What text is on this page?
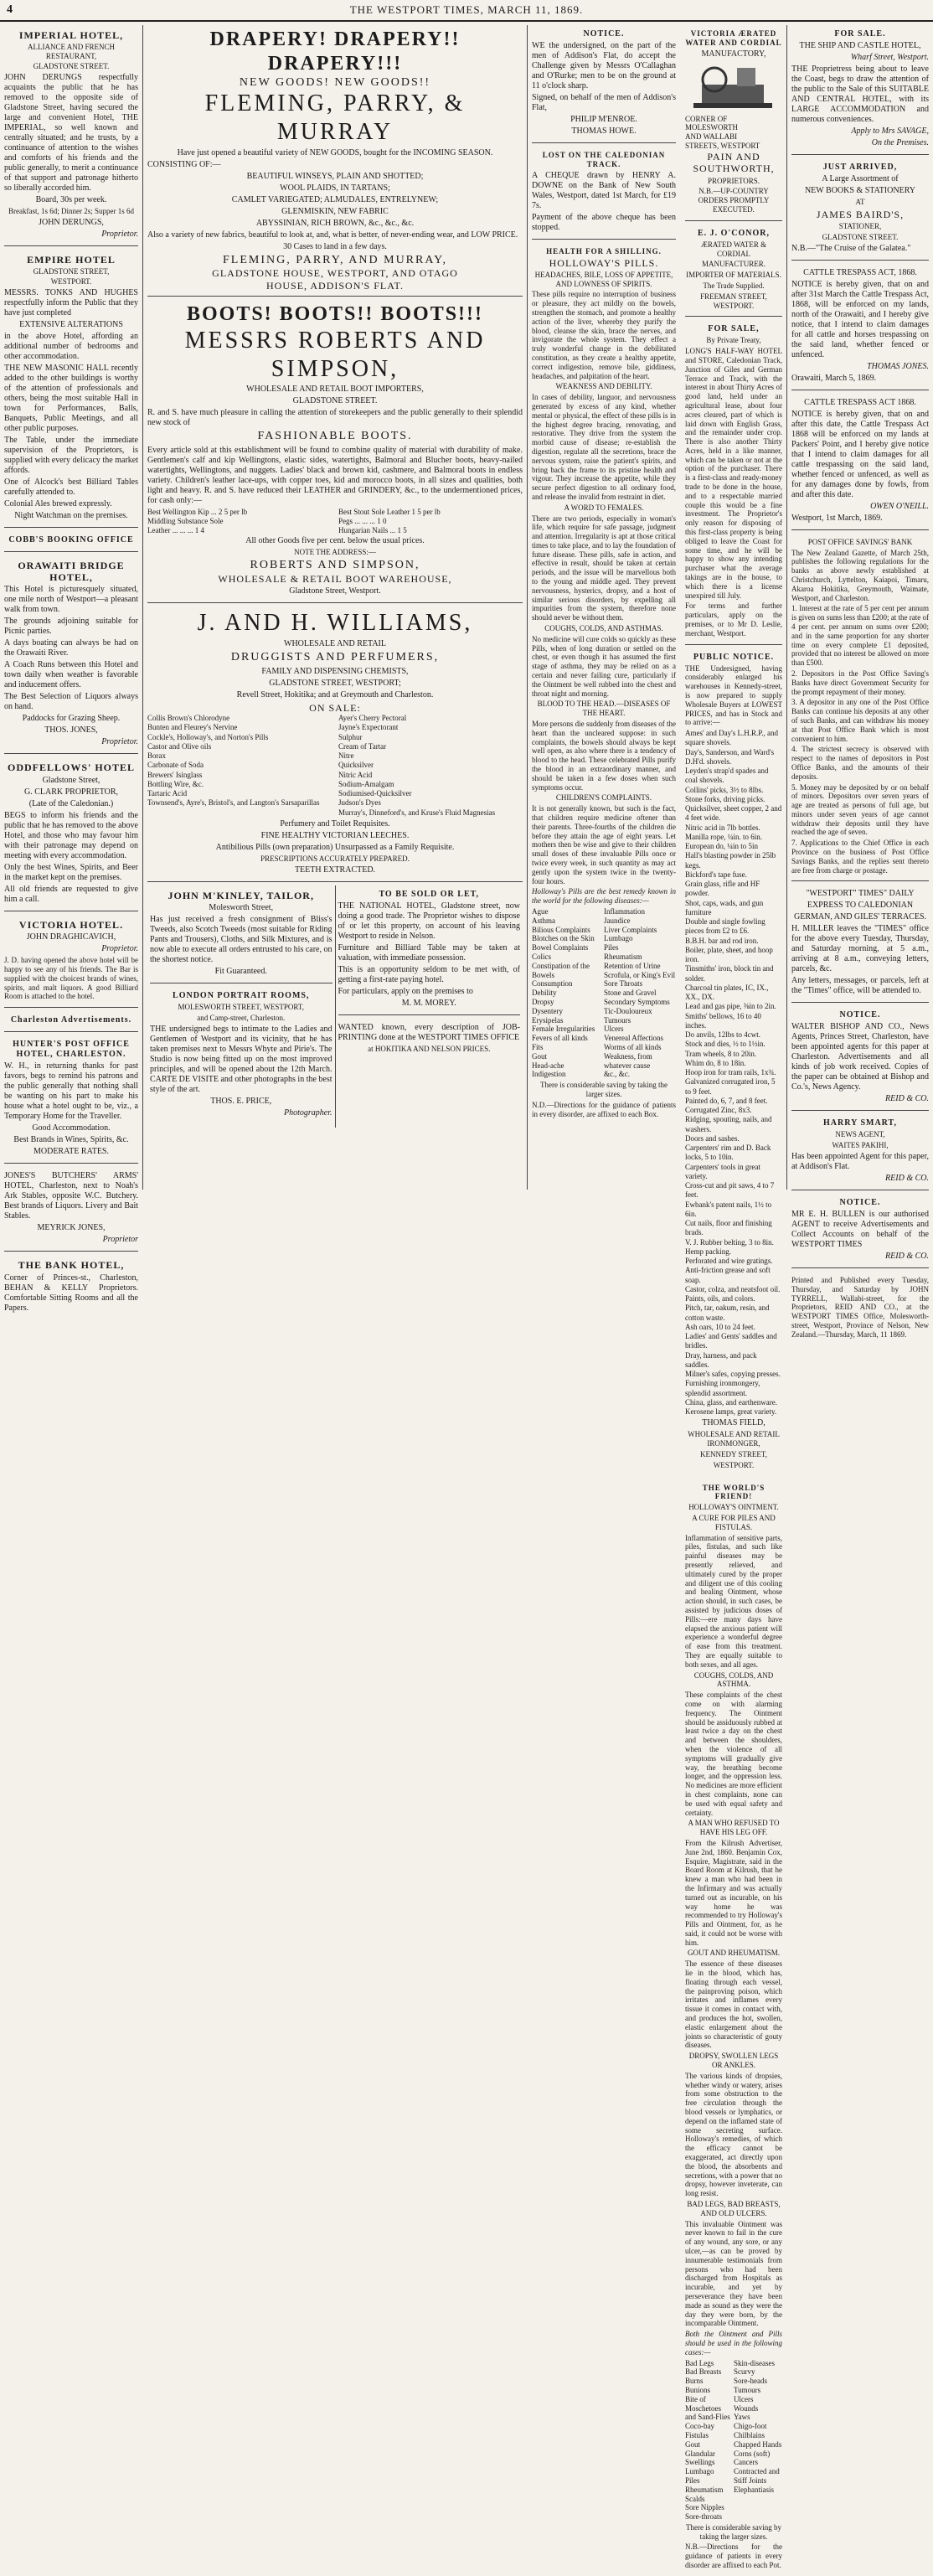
4	THE WESTPORT TIMES, MARCH 11, 1869.
IMPERIAL HOTEL,
ALLIANCE AND FRENCH RESTAURANT,
GLADSTONE STREET.
JOHN DERUNGS respectfully acquaints the public that he has removed to the opposite side of Gladstone Street, having secured the large and convenient Hotel, THE IMPERIAL, so well known and centrally situated; and he trusts, by a continuance of attention to the wishes and comforts of his friends and the public generally, to merit a continuance of that support and patronage hitherto so liberally accorded him.
Board, 30s per week.
Breakfast, 1s 6d; Dinner 2s; Supper 1s 6d
JOHN DERUNGS,
Proprietor.
EMPIRE HOTEL
GLADSTONE STREET,
WESTPORT.
MESSRS. TONKS AND HUGHES respectfully inform the Public that they have just completed
EXTENSIVE ALTERATIONS
in the above Hotel, affording an additional number of bedrooms and other accommodation.
THE NEW MASONIC HALL recently added to the other buildings is worthy of the attention of professionals and others, being the most suitable Hall in town for Performances, Balls, Banquets, Public Meetings, and all other public purposes.
The Table, under the immediate supervision of the Proprietors, is supplied with every delicacy the market affords.
One of Alcock's best Billiard Tables carefully attended to.
Colonial Ales brewed expressly.
Night Watchman on the premises.
COBB'S BOOKING OFFICE
ORAWAITI BRIDGE HOTEL,
This Hotel is picturesquely situated, one mile north of Westport—a pleasant walk from town.
The grounds adjoining suitable for Picnic parties.
A days boating can always be had on the Orawaiti River.
A Coach Runs between this Hotel and town daily when weather is favorable and inducement offers.
The Best Selection of Liquors always on hand.
Paddocks for Grazing Sheep.
THOS. JONES,
Proprietor.
ODDFELLOWS' HOTEL
Gladstone Street,
G. CLARK PROPRIETOR,
(Late of the Caledonian.)
BEGS to inform his friends and the public that he has removed to the above Hotel, and those who may favour him with their patronage may depend on meeting with every accommodation.
Only the best Wines, Spirits, and Beer in the market kept on the premises.
All old friends are requested to give him a call.
VICTORIA HOTEL.
JOHN DRAGHICAVICH,
Proprietor.
J. D. having opened the above hotel will be happy to see any of his friends. The Bar is supplied with the choicest brands of wines, spirits, and malt liquors. A good Billiard Room is attached to the hotel.
Charleston Advertisements.
HUNTER'S POST OFFICE HOTEL, CHARLESTON.
W. H., in returning thanks for past favors, begs to remind his patrons and the public generally that nothing shall be wanting on his part to make his house what a hotel ought to be, viz., a Temporary Home for the Traveller.
Good Accommodation.
Best Brands in Wines, Spirits, &c.
MODERATE RATES.
JONES'S BUTCHERS' ARMS' HOTEL, Charleston, next to Noah's Ark Stables, opposite W.C. Butchery. Best brands of Liquors. Livery and Bait Stables.
MEYRICK JONES,
Proprietor
THE BANK HOTEL,
Corner of Princes-st., Charleston, BEHAN & KELLY Proprietors. Comfortable Sitting Rooms and all the Papers.
DRAPERY! DRAPERY!! DRAPERY!!!
NEW GOODS! NEW GOODS!!
FLEMING, PARRY, & MURRAY
Have just opened a beautiful variety of NEW GOODS, bought for the INCOMING SEASON.
CONSISTING OF:—
BEAUTIFUL WINSEYS, PLAIN AND SHOTTED;
WOOL PLAIDS, IN TARTANS;
CAMLET VARIEGATED; ALMUDALES, ENTRELYNEW;
GLENMISKIN, NEW FABRIC
ABYSSINIAN, RICH BROWN, &c., &c., &c.
Also a variety of new fabrics, beautiful to look at, and, what is better, of never-ending wear, and LOW PRICE.
30 Cases to land in a few days.
FLEMING, PARRY, AND MURRAY,
GLADSTONE HOUSE, WESTPORT, AND OTAGO
HOUSE, ADDISON'S FLAT.
BOOTS! BOOTS!! BOOTS!!!
MESSRS ROBERTS AND SIMPSON,
WHOLESALE AND RETAIL BOOT IMPORTERS,
GLADSTONE STREET.
R. and S. have much pleasure in calling the attention of storekeepers and the public generally to their splendid new stock of
FASHIONABLE BOOTS.
Every article sold at this establishment will be found to combine quality of material with durability of make. Gentlemen's calf and kip Wellingtons, elastic sides, watertights, Balmoral and Blucher boots, heavy-nailed watertights, Wellingtons, and nuggets. Ladies' black and brown kid, cashmere, and Balmoral boots in endless variety. Children's leather lace-ups, with copper toes, kid and morocco boots, in all sizes and qualities, both light and heavy. R. and S. have reduced their LEATHER and GRINDERY, &c., to the undermentioned prices, for cash only:—
Best Wellington Kip ... 2 5 per lb
Middling Substance Sole
Leather ... ... ... 1 4
Best Stout Sole Leather 1 5 per lb
Pegs ... ... ... 1 0
Hungarian Nails ... 1 5
All other Goods five per cent. below the usual prices.
NOTE THE ADDRESS:—
ROBERTS AND SIMPSON,
WHOLESALE & RETAIL BOOT WAREHOUSE,
Gladstone Street, Westport.
J. AND H. WILLIAMS,
WHOLESALE AND RETAIL
DRUGGISTS AND PERFUMERS,
FAMILY AND DISPENSING CHEMISTS,
GLADSTONE STREET, WESTPORT;
Revell Street, Hokitika; and at Greymouth and Charleston.
ON SALE:
Collis Brown's Chlorodyne
Bunten and Fleurey's Nervine
Cockle's, Holloway's, and Norton's Pills
Castor and Olive oils
Borax
Carbonate of Soda
Brewers' Isinglass
Bottling Wire, &c.
Tartaric Acid
Townsend's, Ayre's, Bristol's, and Langton's Sarsaparillas
Ayer's Cherry Pectoral
Jayne's Expectorant
Sulphur
Cream of Tartar
Nitre
Quicksilver
Nitric Acid
Sodium-Amalgam
Sodiumised-Quicksilver
Judson's Dyes
Murray's, Dinneford's, and Kruse's Fluid Magnesias
Perfumery and Toilet Requisites.
FINE HEALTHY VICTORIAN LEECHES.
Antibilious Pills (own preparation) Unsurpassed as a Family Requisite.
PRESCRIPTIONS ACCURATELY PREPARED.
TEETH EXTRACTED.
JOHN M'KINLEY, TAILOR,
Molesworth Street,
Has just received a fresh consignment of Bliss's Tweeds, also Scotch Tweeds (most suitable for Riding Pants and Trousers), Cloths, and Silk Mixtures, and is now able to execute all orders entrusted to his care, on the shortest notice.
Fit Guaranteed.
LONDON PORTRAIT ROOMS,
MOLESWORTH STREET, WESTPORT,
and Camp-street, Charleston.
THE undersigned begs to intimate to the Ladies and Gentlemen of Westport and its vicinity, that he has taken premises next to Messrs Whyte and Pirie's. The Studio is now being fitted up on the most improved principles, and will be opened about the 12th March. CARTE DE VISITE and other photographs in the best style of the art.
THOS. E. PRICE,
Photographer.
TO BE SOLD OR LET,
THE NATIONAL HOTEL, Gladstone street, now doing a good trade. The Proprietor wishes to dispose of or let this property, on account of his leaving Westport to reside in Nelson.
Furniture and Billiard Table may be taken at valuation, with immediate possession.
This is an opportunity seldom to be met with, of getting a first-rate paying hotel.
For particulars, apply on the premises to
M. M. MOREY.
WANTED known, every description of JOB-PRINTING done at the WESTPORT TIMES OFFICE
at HOKITIKA AND NELSON PRICES.
NOTICE.
WE the undersigned, on the part of the men of Addison's Flat, do accept the Challenge given by Messrs O'Callaghan and O'Rurke; men to be on the ground at 11 o'clock sharp.
Signed, on behalf of the men of Addison's Flat,
PHILIP M'ENROE.
THOMAS HOWE.
LOST ON THE CALEDONIAN TRACK.
A CHEQUE drawn by HENRY A. DOWNE on the Bank of New South Wales, Westport, dated 1st March, for £19 7s.
Payment of the above cheque has been stopped.
HEALTH FOR A SHILLING.
HOLLOWAY'S PILLS.
HEADACHES, BILE, LOSS OF APPETITE, AND LOWNESS OF SPIRITS.
These pills require no interruption of business or pleasure, they act mildly on the bowels, strengthen the stomach, and promote a healthy action of the liver, whereby they purify the blood, cleanse the skin, brace the nerves, and invigorate the whole system. They effect a truly wonderful change in the debilitated constitution, as they create a healthy appetite, correct indigestion, remove bile, giddiness, headaches, and palpitation of the heart.
WEAKNESS AND DEBILITY.
In cases of debility, languor, and nervousness generated by excess of any kind, whether mental or physical, the effect of these pills is in the highest degree bracing, renovating, and restorative. They drive from the system the morbid cause of disease; re-establish the digestion, regulate all the secretions, brace the nervous system, raise the patient's spirits, and bring back the frame to its pristine health and vigour. They increase the appetite, while they secure perfect digestion to all ordinary food, and release the invalid from restraint in diet.
A WORD TO FEMALES.
There are two periods, especially in woman's life, which require for safe passage, judgment and attention. Irregularity is apt at those critical times to take place, and to lay the foundation of future disease. These pills, safe in action, and effective in result, should be taken at certain periods, and the issue will be marvellous both to the young and middle aged. They prevent nervousness, hysterics, dropsy, and a host of similar serious disorders, by expelling all impurities from the system, therefore none should never be without them.
COUGHS, COLDS, AND ASTHMAS.
No medicine will cure colds so quickly as these Pills, when of long duration or settled on the chest, or even though it has assumed the first stage of asthma, they may be relied on as a certain and never failing cure, particularly if the Ointment be well rubbed into the chest and throat night and morning.
BLOOD TO THE HEAD.—DISEASES OF THE HEART.
More persons die suddenly from diseases of the heart than the uncleared suppose: in such complaints, the bowels should always be kept well open, as also where there is a tendency of blood to the head. These celebrated Pills purify the blood in an extraordinary manner, and should be taken in a few doses when such symptoms occur.
CHILDREN'S COMPLAINTS.
It is not generally known, but such is the fact, that children require medicine oftener than their parents. Three-fourths of the children die before they attain the age of eight years. Let mothers then be wise and give to their children small doses of these invaluable Pills once or twice every week, in such quantity as may act gently upon the system twice in the twenty-four hours.
Holloway's Pills are the best remedy known in the world for the following diseases:—
Ague
Asthma
Bilious Complaints
Blotches on the Skin
Bowel Complaints
Colics
Constipation of the Bowels
Consumption
Debility
Dropsy
Dysentery
Erysipelas
Female Irregularities
Fevers of all kinds
Fits
Gout
Head-ache
Indigestion
Inflammation
Jaundice
Liver Complaints
Lumbago
Piles
Rheumatism
Retention of Urine
Scrofula, or King's Evil
Sore Throats
Stone and Gravel
Secondary Symptoms
Tic-Douloureux
Tumours
Ulcers
Venereal Affections
Worms of all kinds
Weakness, from whatever cause
&c., &c.
There is considerable saving by taking the larger sizes.
N.D.—Directions for the guidance of patients in every disorder, are affixed to each Box.
VICTORIA ÆRATED WATER AND CORDIAL
MANUFACTORY,
CORNER OF
MOLESWORTH
AND WALLABI
STREETS, WESTPORT
PAIN AND SOUTHWORTH,
PROPRIETORS.
N.B.—UP-COUNTRY ORDERS PROMPTLY EXECUTED.
E. J. O'CONOR,
ÆRATED WATER & CORDIAL
MANUFACTURER.
IMPORTER OF MATERIALS.
The Trade Supplied.
FREEMAN STREET, WESTPORT.
FOR SALE,
By Private Treaty,
LONG'S HALF-WAY HOTEL and STORE, Caledonian Track, Junction of Giles and German Terrace and Track, with the interest in about Thirty Acres of good land, held under an agricultural lease, about four acres cleared, part of which is laid down with English Grass, and the remainder under crop. There is also another Thirty Acres, held in a like manner, which can be taken or not at the option of the purchaser. There is a first-class and ready-money trade to be done in the house, and to a respectable married couple this would be a fine investment. The Proprietor's only reason for disposing of this first-class property is being obliged to leave the Coast for some time, and he will be happy to show any intending purchaser what the average takings are in the house, to which there is a license unexpired till July.
For terms and further particulars, apply on the premises, or to Mr D. Leslie, merchant, Westport.
PUBLIC NOTICE.
THE Undersigned, having considerably enlarged his warehouses in Kennedy-street, is now prepared to supply Wholesale Buyers at LOWEST PRICES, and has in Stock and to arrive:—
Ames' and Day's L.H.R.P., and square shovels.
Day's, Sanderson, and Ward's D.H'd. shovels.
Leyden's strap'd spades and coal shovels.
Collins' picks, 3½ to 8lbs.
Stone forks, driving picks.
Quicksilver, sheet copper, 2 and 4 feet wide.
Nitric acid in 7lb bottles.
Manilla rope, ¼in. to 6in.
European do, ¼in to 5in
Hall's blasting powder in 25lb kegs.
Bickford's tape fuse.
Grain glass, rifle and HF powder.
Shot, caps, wads, and gun furniture
Double and single fowling pieces from £2 to £6.
B.B.H. bar and rod iron.
Boiler, plate, sheet, and hoop iron.
Tinsmiths' iron, block tin and solder.
Charcoal tin plates, IC, IX., XX., DX.
Lead and gas pipe, ⅜in to 2in.
Smiths' bellows, 16 to 40 inches.
Do anvils, 12lbs to 4cwt.
Stock and dies, ½ to 1½in.
Tram wheels, 8 to 20in.
Whim do, 8 to 18in.
Hoop iron for tram rails, 1x¾.
Galvanized corrugated iron, 5 to 9 feet.
Painted do, 6, 7, and 8 feet.
Corrugated Zinc, 8x3.
Ridging, spouting, nails, and washers.
Doors and sashes.
Carpenters' rim and D. Back locks, 5 to 10in.
Carpenters' tools in great variety.
Cross-cut and pit saws, 4 to 7 feet.
Ewbank's patent nails, 1½ to 6in.
Cut nails, floor and finishing brads.
V. J. Rubber belting, 3 to 8in.
Hemp packing.
Perforated and wire gratings.
Anti-friction grease and soft soap.
Castor, colza, and neatsfoot oil.
Paints, oils, and colors.
Pitch, tar, oakum, resin, and cotton waste.
Ash oars, 10 to 24 feet.
Ladies' and Gents' saddles and bridles.
Dray, harness, and pack saddles.
Milner's safes, copying presses.
Furnishing ironmongery, splendid assortment.
China, glass, and earthenware.
Kerosene lamps, great variety.
THOMAS FIELD,
WHOLESALE AND RETAIL IRONMONGER,
KENNEDY STREET,
WESTPORT.
THE WORLD'S FRIEND!
HOLLOWAY'S OINTMENT.
A CURE FOR PILES AND FISTULAS.
Inflammation of sensitive parts, piles, fistulas, and such like painful diseases may be presently relieved, and ultimately cured by the proper and diligent use of this cooling and healing Ointment, whose action should, in such cases, be assisted by judicious doses of Pills:—ere many days have elapsed the anxious patient will experience a wonderful degree of ease from this treatment. They are equally suitable to both sexes, and all ages.
COUGHS, COLDS, AND ASTHMA.
These complaints of the chest come on with alarming frequency. The Ointment should be assiduously rubbed at least twice a day on the chest and between the shoulders, when the violence of all symptoms will gradually give way, the breathing become longer, and the oppression less. No medicines are more efficient in chest complaints, none can be used with equal safety and certainty.
A MAN WHO REFUSED TO HAVE HIS LEG OFF.
From the Kilrush Advertiser, June 2nd, 1860. Benjamin Cox, Esquire, Magistrate, said in the Board Room at Kilrush, that he knew a man who had been in the Infirmary and was actually turned out as incurable, on his way home he was recommended to try Holloway's Pills and Ointment, for, as he said, it could not be worse with him.
GOUT AND RHEUMATISM.
The essence of these diseases lie in the blood, which has, floating through each vessel, the painproving poison, which irritates and inflames every tissue it comes in contact with, and produces the hot, swollen, elastic enlargement about the joints so characteristic of gouty diseases.
DROPSY, SWOLLEN LEGS OR ANKLES.
The various kinds of dropsies, whether windy or watery, arises from some obstruction to the free circulation through the blood vessels or lymphatics, or depend on the inflamed state of some secreting surface. Holloway's remedies, of which the efficacy cannot be exaggerated, act directly upon the blood, the absorbents and secretions, with a power that no dropsy, however inveterate, can long resist.
BAD LEGS, BAD BREASTS, AND OLD ULCERS.
This invaluable Ointment was never known to fail in the cure of any wound, any sore, or any ulcer,—as can be proved by innumerable testimonials from persons who had been discharged from Hospitals as incurable, and yet by perseverance they have been made as sound as they were the day they were born, by the incomparable Ointment.
Both the Ointment and Pills should be used in the following cases:—
Bad Legs
Bad Breasts
Burns
Bunions
Bite of Moschetoes and Sand-Flies
Coco-bay
Fistulas
Gout
Glandular Swellings
Lumbago
Piles
Rheumatism
Scalds
Sore Nipples
Sore-throats
Skin-diseases
Scurvy
Sore-heads
Tumours
Ulcers
Wounds
Yaws
Chigo-foot
Chilblains
Chapped Hands
Corns (soft)
Cancers
Contracted and Stiff Joints
Elephantiasis
There is considerable saving by taking the larger sizes.
N.B.—Directions for the guidance of patients in every disorder are affixed to each Pot.
FOR SALE.
THE SHIP AND CASTLE HOTEL,
Wharf Street, Westport.
THE Proprietress being about to leave the Coast, begs to draw the attention of the public to the Sale of this SUITABLE AND CENTRAL HOTEL, with its LARGE ACCOMMODATION and numerous conveniences.
Apply to Mrs SAVAGE,
On the Premises.
JUST ARRIVED,
A Large Assortment of
NEW BOOKS & STATIONERY
AT
JAMES BAIRD'S,
STATIONER,
GLADSTONE STREET.
N.B.—"The Cruise of the Galatea."
CATTLE TRESPASS ACT, 1868.
NOTICE is hereby given, that on and after 31st March the Cattle Trespass Act, 1868, will be enforced on my lands, north of the Orawaiti, and I hereby give notice, that I intend to claim damages for all cattle and horses trespassing on the said land, whether fenced or unfenced.
THOMAS JONES.
Orawaiti, March 5, 1869.
CATTLE TRESPASS ACT 1868.
NOTICE is hereby given, that on and after this date, the Cattle Trespass Act 1868 will be enforced on my lands at Packers' Point, and I hereby give notice that I intend to claim damages for all cattle trespassing on the said land, whether fenced or unfenced, as well as for any damages done by fowls, from and after this date.
OWEN O'NEILL.
Westport, 1st March, 1869.
POST OFFICE SAVINGS' BANK
The New Zealand Gazette, of March 25th, publishes the following regulations for the banks as above newly established at Christchurch, Lyttelton, Kaiapoi, Timaru, Akaroa Hokitika, Greymouth, Waimate, Westport, and Charleston.
1. Interest at the rate of 5 per cent per annum is given on sums less than £200; at the rate of 4 per cent. per annum on sums over £200; and in the same proportion for any shorter time on every complete £1 deposited, provided that no interest be allowed on more than £500.
2. Depositors in the Post Office Saving's Banks have direct Government Security for the prompt repayment of their money.
3. A depositor in any one of the Post Office Banks can continue his deposits at any other of such Banks, and can withdraw his money at that Post Office Bank which is most convenient to him.
4. The strictest secrecy is observed with respect to the names of depositors in Post Office Banks, and the amounts of their deposits.
5. Money may be deposited by or on behalf of minors. Depositors over seven years of age are treated as persons of full age, but minors under seven years of age cannot withdraw their deposits until they have reached the age of seven.
7. Applications to the Chief Office in each Province on the business of Post Office Savings Banks, and the replies sent thereto are free from charge or postage.
"WESTPORT" TIMES" DAILY
EXPRESS TO CALEDONIAN
GERMAN, AND GILES' TERRACES.
H. MILLER leaves the "TIMES" office for the above every Tuesday, Thursday, and Saturday morning, at 5 a.m., arriving at 8 a.m., conveying letters, parcels, &c.
Any letters, messages, or parcels, left at the "Times" office, will be attended to.
NOTICE.
WALTER BISHOP AND CO., News Agents, Princes Street, Charleston, have been appointed agents for this paper at Charleston. Advertisements and all kinds of job work received. Copies of the paper can be obtained at Bishop and Co.'s, News Agency.
REID & CO.
HARRY SMART,
NEWS AGENT,
WAITES PAKIHI,
Has been appointed Agent for this paper, at Addison's Flat.
REID & CO.
NOTICE.
MR E. H. BULLEN is our authorised AGENT to receive Advertisements and Collect Accounts on behalf of the WESTPORT TIMES
REID & CO.
Printed and Published every Tuesday, Thursday, and Saturday by JOHN TYRRELL, Wallabi-street, for the Proprietors, REID AND CO., at the WESTPORT TIMES Office, Molesworth-street, Westport, Province of Nelson, New Zealand.—Thursday, March, 11 1869.
